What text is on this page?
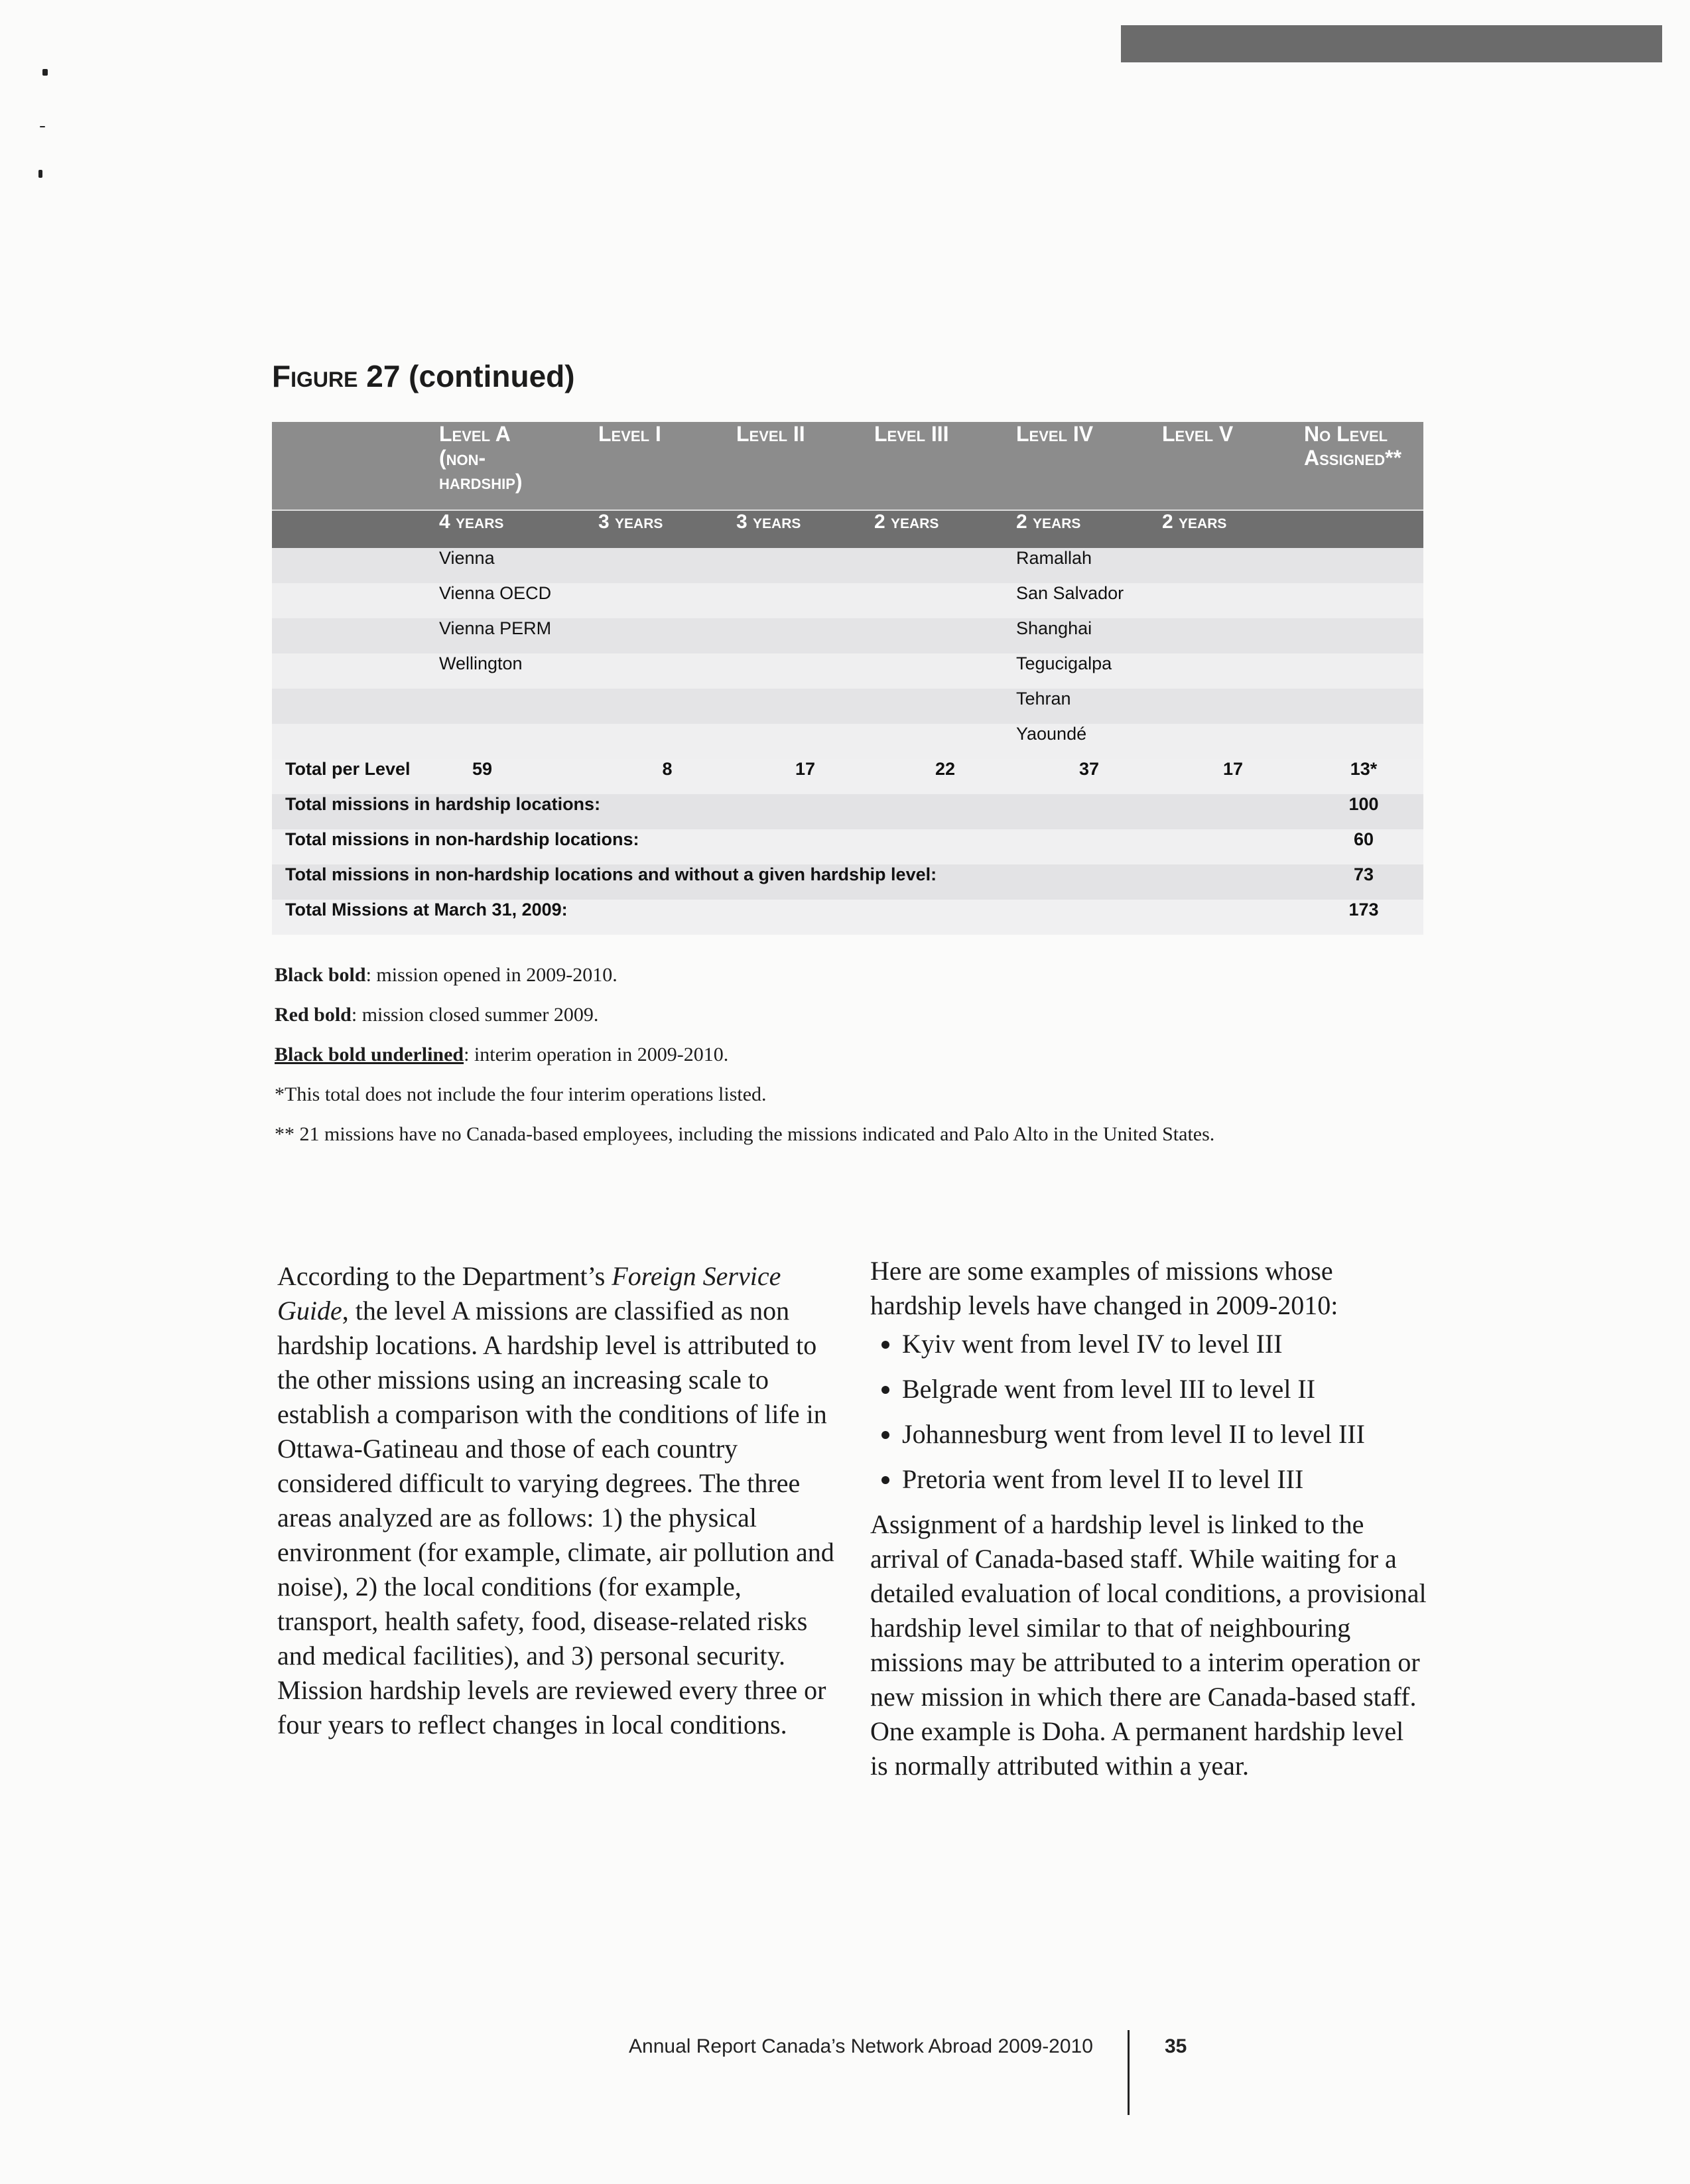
Figure 27 (continued)
	Level A (non-hardship)	Level I	Level II	Level III	Level IV	Level V	No Level Assigned**
	4 years	3 years	3 years	2 years	2 years	2 years	
	Vienna				Ramallah		
	Vienna OECD				San Salvador		
	Vienna PERM				Shanghai		
	Wellington				Tegucigalpa		
					Tehran		
					Yaoundé		
Total per Level	59	8	17	22	37	17	13*
Total missions in hardship locations:							100
Total missions in non-hardship locations:							60
Total missions in non-hardship locations and without a given hardship level:							73
Total Missions at March 31, 2009:							173

Black bold: mission opened in 2009-2010.

Red bold: mission closed summer 2009.

Black bold underlined: interim operation in 2009-2010.

*This total does not include the four interim operations listed.

** 21 missions have no Canada-based employees, including the missions indicated and Palo Alto in the United States.

According to the Department’s Foreign Service Guide, the level A missions are classified as non hardship locations. A hardship level is attributed to the other missions using an increasing scale to establish a comparison with the conditions of life in Ottawa-Gatineau and those of each country considered difficult to varying degrees. The three areas analyzed are as follows: 1) the physical environment (for example, climate, air pollution and noise), 2) the local conditions (for example, transport, health safety, food, disease-related risks and medical facilities), and 3) personal security. Mission hardship levels are reviewed every three or four years to reflect changes in local conditions.

Here are some examples of missions whose hardship levels have changed in 2009-2010:

• Kyiv went from level IV to level III
• Belgrade went from level III to level II
• Johannesburg went from level II to level III
• Pretoria went from level II to level III

Assignment of a hardship level is linked to the arrival of Canada-based staff. While waiting for a detailed evaluation of local conditions, a provisional hardship level similar to that of neighbouring missions may be attributed to a interim operation or new mission in which there are Canada-based staff. One example is Doha. A permanent hardship level is normally attributed within a year.

Annual Report Canada’s Network Abroad 2009-2010	35
